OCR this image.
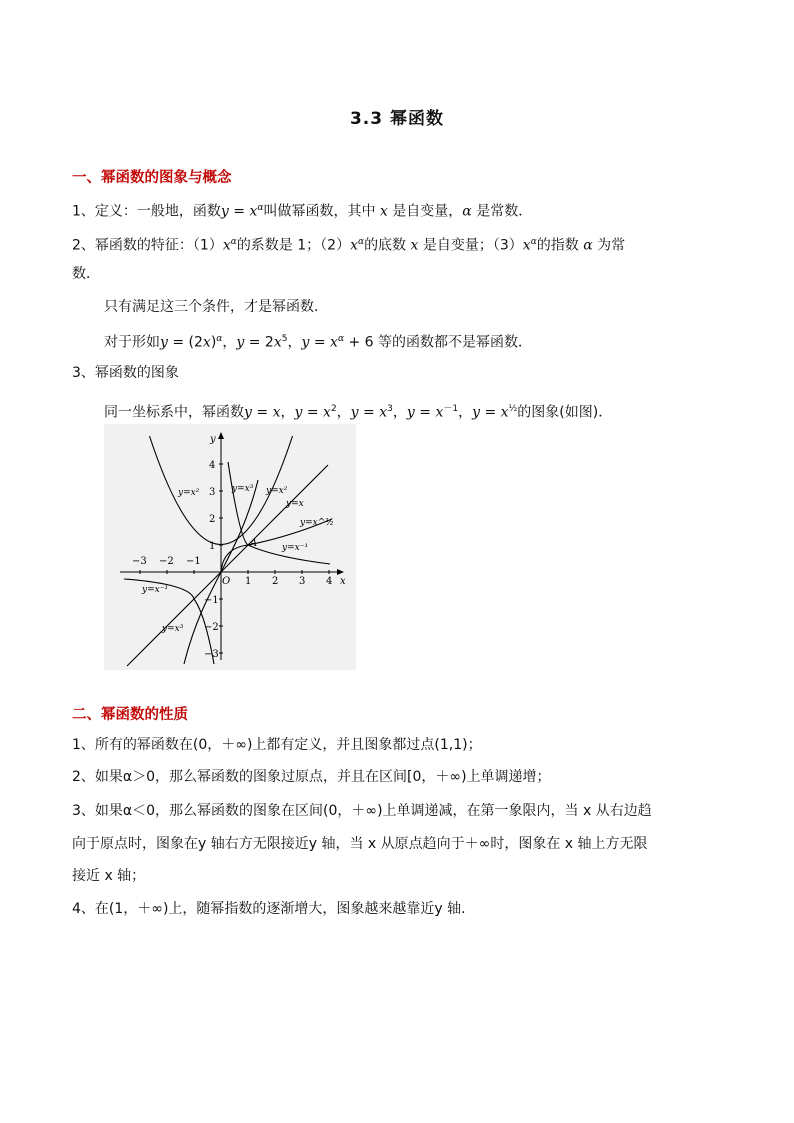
3.3 幂函数
一、幂函数的图象与概念
1、定义：一般地，函数$y = x^\alpha$叫做幂函数，其中 x 是自变量，α 是常数．
2、幂函数的特征：$(1)x^\alpha$的系数是 1；$(2)x^\alpha$的底数 x 是自变量；$(3)x^\alpha$的指数 α 为常
数．
只有满足这三个条件，才是幂函数．
对于形如$y = (2x)^\alpha$，$y = 2x^5$，$y = x^\alpha + 6$ 等的函数都不是幂函数．
3、幂函数的图象
同一坐标系中，幂函数y = x，$y = x^2$，$y = x^3$，$y = x^{-1}$，$y = x^{\frac{1}{2}}$的图象(如图)．
−3 −2 −1
1 2 3 4
4
3
2
1
−1
−2
−3
x
y
O
A
y=x²	y=x³ y=x²
y=x
y=x^½
y=x⁻¹
y=x⁻¹
y=x³
二、幂函数的性质
1、所有的幂函数在(0，＋∞)上都有定义，并且图象都过点(1,1)；
2、如果α＞0，那么幂函数的图象过原点，并且在区间[0，＋∞)上单调递增；
3、如果α＜0，那么幂函数的图象在区间(0，＋∞)上单调递减，在第一象限内，当 x 从右边趋
向于原点时，图象在y 轴右方无限接近y 轴，当 x 从原点趋向于＋∞时，图象在 x 轴上方无限
接近 x 轴；
4、在(1，＋∞)上，随幂指数的逐渐增大，图象越来越靠近y 轴．
